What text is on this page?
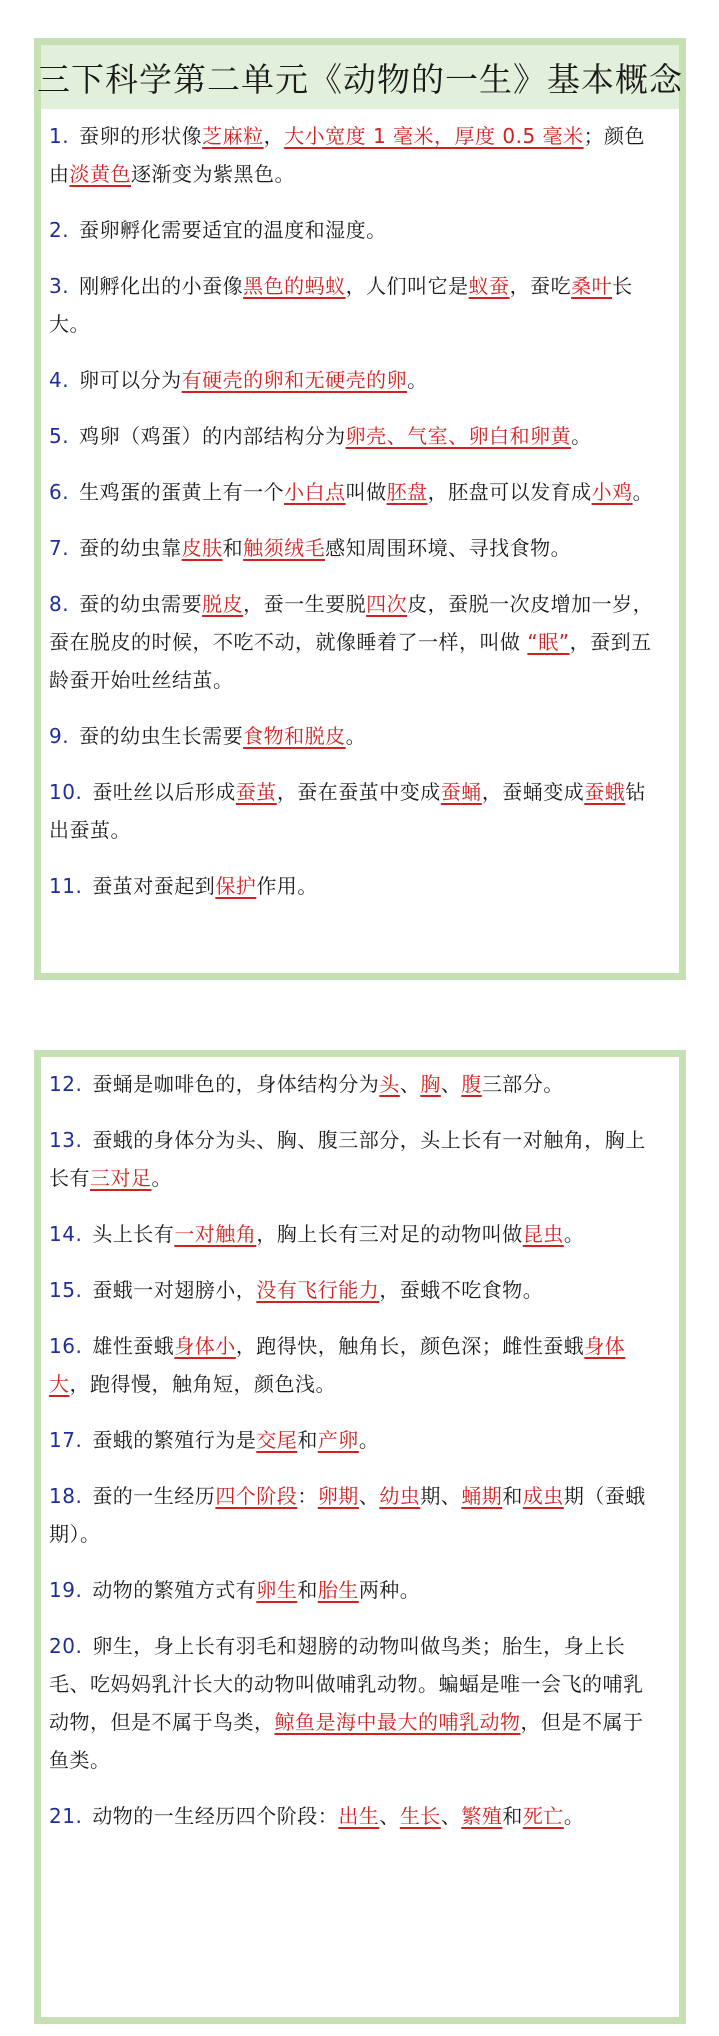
三下科学第二单元《动物的一生》基本概念
1. 蚕卵的形状像芝麻粒，大小宽度 1 毫米，厚度 0.5 毫米；颜色由淡黄色逐渐变为紫黑色。
2. 蚕卵孵化需要适宜的温度和湿度。
3. 刚孵化出的小蚕像黑色的蚂蚁，人们叫它是蚁蚕，蚕吃桑叶长大。
4. 卵可以分为有硬壳的卵和无硬壳的卵。
5. 鸡卵（鸡蛋）的内部结构分为卵壳、气室、卵白和卵黄。
6. 生鸡蛋的蛋黄上有一个小白点叫做胚盘，胚盘可以发育成小鸡。
7. 蚕的幼虫靠皮肤和触须绒毛感知周围环境、寻找食物。
8. 蚕的幼虫需要脱皮，蚕一生要脱四次皮，蚕脱一次皮增加一岁，蚕在脱皮的时候，不吃不动，就像睡着了一样，叫做 “眠”，蚕到五龄蚕开始吐丝结茧。
9. 蚕的幼虫生长需要食物和脱皮。
10. 蚕吐丝以后形成蚕茧，蚕在蚕茧中变成蚕蛹，蚕蛹变成蚕蛾钻出蚕茧。
11. 蚕茧对蚕起到保护作用。
12. 蚕蛹是咖啡色的，身体结构分为头、胸、腹三部分。
13. 蚕蛾的身体分为头、胸、腹三部分，头上长有一对触角，胸上长有三对足。
14. 头上长有一对触角，胸上长有三对足的动物叫做昆虫。
15. 蚕蛾一对翅膀小，没有飞行能力，蚕蛾不吃食物。
16. 雄性蚕蛾身体小，跑得快，触角长，颜色深；雌性蚕蛾身体大，跑得慢，触角短，颜色浅。
17. 蚕蛾的繁殖行为是交尾和产卵。
18. 蚕的一生经历四个阶段：卵期、幼虫期、蛹期和成虫期（蚕蛾期）。
19. 动物的繁殖方式有卵生和胎生两种。
20. 卵生，身上长有羽毛和翅膀的动物叫做鸟类；胎生，身上长毛、吃妈妈乳汁长大的动物叫做哺乳动物。蝙蝠是唯一会飞的哺乳动物，但是不属于鸟类，鲸鱼是海中最大的哺乳动物，但是不属于鱼类。
21. 动物的一生经历四个阶段：出生、生长、繁殖和死亡。
